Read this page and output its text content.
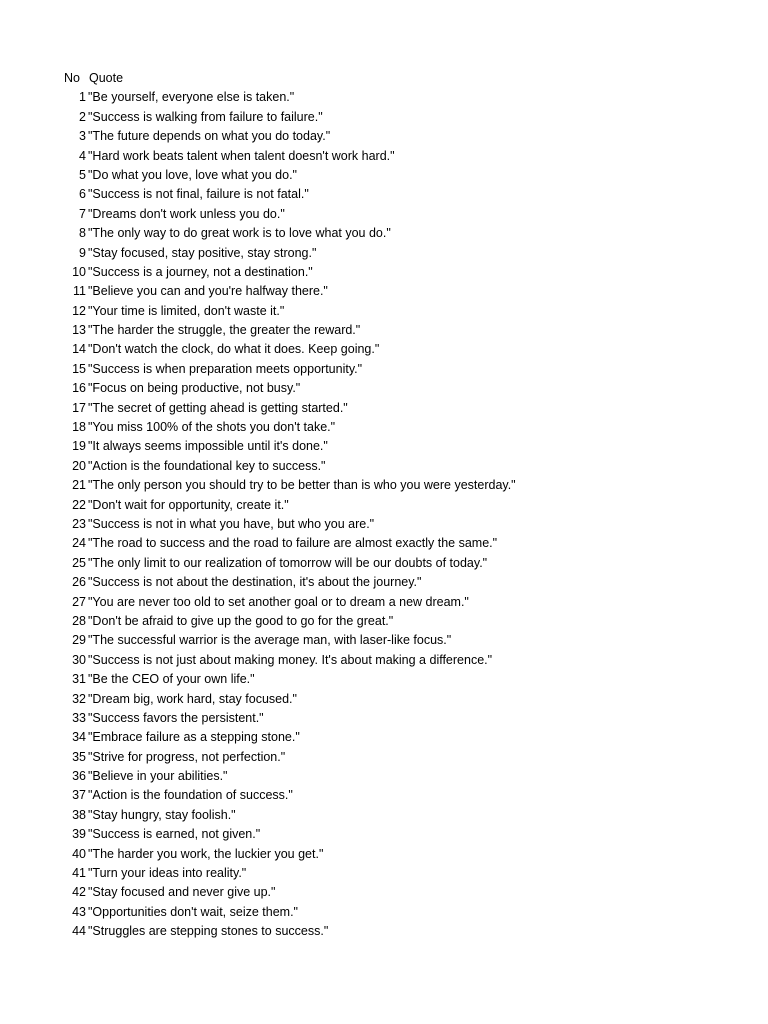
No Quote
1 "Be yourself, everyone else is taken."
2 "Success is walking from failure to failure."
3 "The future depends on what you do today."
4 "Hard work beats talent when talent doesn't work hard."
5 "Do what you love, love what you do."
6 "Success is not final, failure is not fatal."
7 "Dreams don't work unless you do."
8 "The only way to do great work is to love what you do."
9 "Stay focused, stay positive, stay strong."
10 "Success is a journey, not a destination."
11 "Believe you can and you're halfway there."
12 "Your time is limited, don't waste it."
13 "The harder the struggle, the greater the reward."
14 "Don't watch the clock, do what it does. Keep going."
15 "Success is when preparation meets opportunity."
16 "Focus on being productive, not busy."
17 "The secret of getting ahead is getting started."
18 "You miss 100% of the shots you don't take."
19 "It always seems impossible until it's done."
20 "Action is the foundational key to success."
21 "The only person you should try to be better than is who you were yesterday."
22 "Don't wait for opportunity, create it."
23 "Success is not in what you have, but who you are."
24 "The road to success and the road to failure are almost exactly the same."
25 "The only limit to our realization of tomorrow will be our doubts of today."
26 "Success is not about the destination, it's about the journey."
27 "You are never too old to set another goal or to dream a new dream."
28 "Don't be afraid to give up the good to go for the great."
29 "The successful warrior is the average man, with laser-like focus."
30 "Success is not just about making money. It's about making a difference."
31 "Be the CEO of your own life."
32 "Dream big, work hard, stay focused."
33 "Success favors the persistent."
34 "Embrace failure as a stepping stone."
35 "Strive for progress, not perfection."
36 "Believe in your abilities."
37 "Action is the foundation of success."
38 "Stay hungry, stay foolish."
39 "Success is earned, not given."
40 "The harder you work, the luckier you get."
41 "Turn your ideas into reality."
42 "Stay focused and never give up."
43 "Opportunities don't wait, seize them."
44 "Struggles are stepping stones to success."
